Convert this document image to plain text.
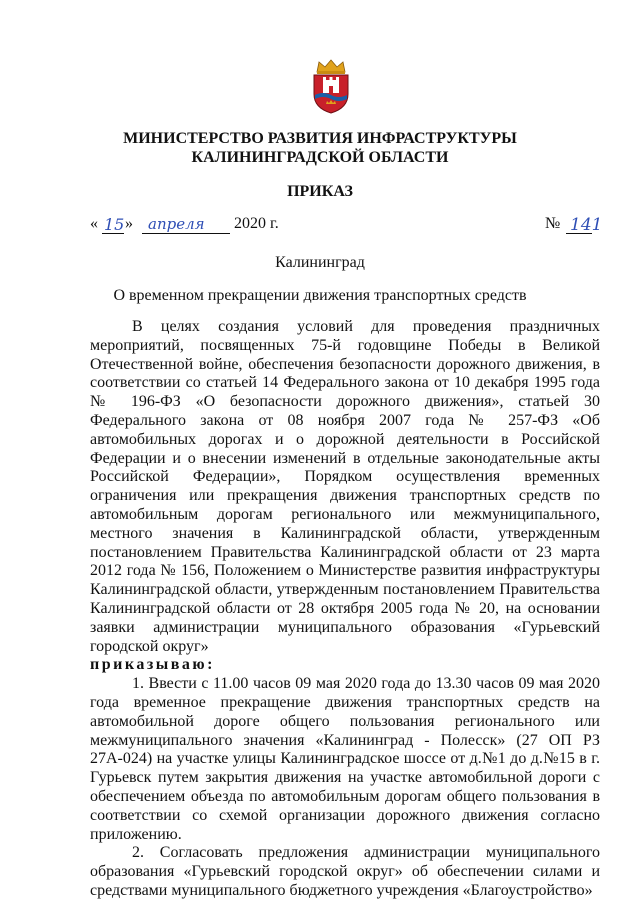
МИНИСТЕРСТВО РАЗВИТИЯ ИНФРАСТРУКТУРЫ
КАЛИНИНГРАДСКОЙ ОБЛАСТИ
ПРИКАЗ
« 15 » апреля 2020 г.	№ 141
Калининград
О временном прекращении движения транспортных средств

В целях создания условий для проведения праздничных мероприятий, посвященных 75-й годовщине Победы в Великой Отечественной войне, обеспечения безопасности дорожного движения, в соответствии со статьей 14 Федерального закона от 10 декабря 1995 года № 196-ФЗ «О безопасности дорожного движения», статьей 30 Федерального закона от 08 ноября 2007 года № 257-ФЗ «Об автомобильных дорогах и о дорожной деятельности в Российской Федерации и о внесении изменений в отдельные законодательные акты Российской Федерации», Порядком осуществления временных ограничения или прекращения движения транспортных средств по автомобильным дорогам регионального или межмуниципального, местного значения в Калининградской области, утвержденным постановлением Правительства Калининградской области от 23 марта 2012 года № 156, Положением о Министерстве развития инфраструктуры Калининградской области, утвержденным постановлением Правительства Калининградской области от 28 октября 2005 года № 20, на основании заявки администрации муниципального образования «Гурьевский городской округ»

приказываю:

1. Ввести с 11.00 часов 09 мая 2020 года до 13.30 часов 09 мая 2020 года временное прекращение движения транспортных средств на автомобильной дороге общего пользования регионального или межмуниципального значения «Калининград - Полесск» (27 ОП РЗ 27А-024) на участке улицы Калининградское шоссе от д.№1 до д.№15 в г. Гурьевск путем закрытия движения на участке автомобильной дороги с обеспечением объезда по автомобильным дорогам общего пользования в соответствии со схемой организации дорожного движения согласно приложению.

2. Согласовать предложения администрации муниципального образования «Гурьевский городской округ» об обеспечении силами и средствами муниципального бюджетного учреждения «Благоустройство»
